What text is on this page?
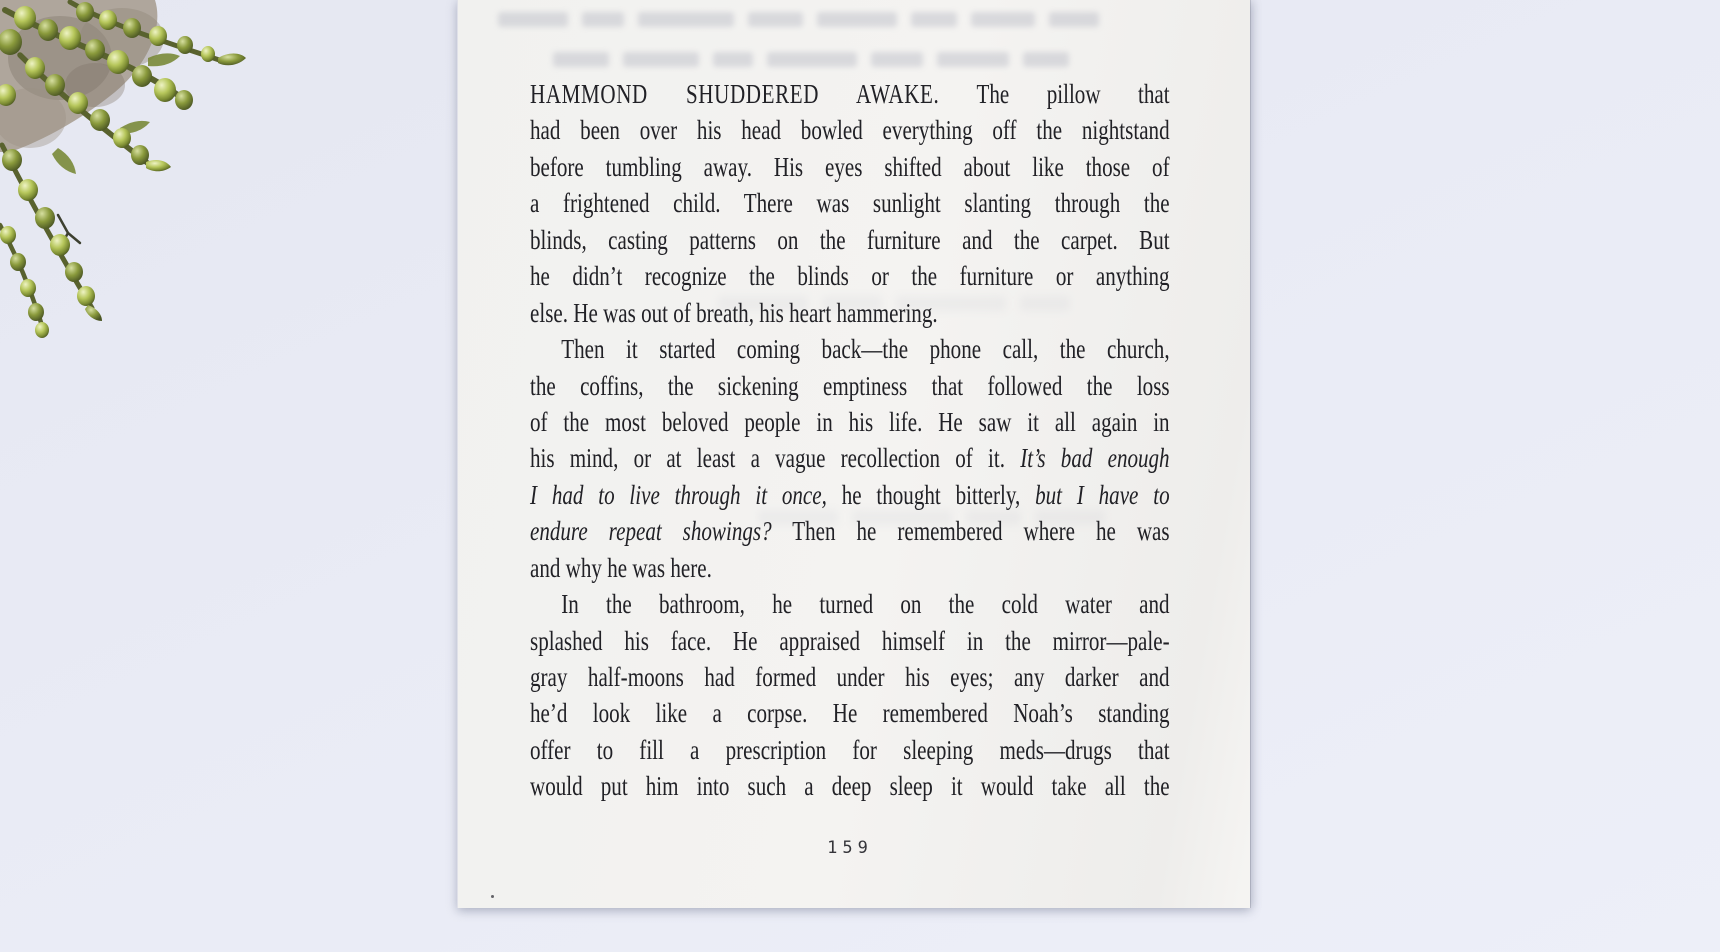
HAMMOND SHUDDERED AWAKE. The pillow that
had been over his head bowled everything off the nightstand
before tumbling away. His eyes shifted about like those of
a frightened child. There was sunlight slanting through the
blinds, casting patterns on the furniture and the carpet. But
he didn’t recognize the blinds or the furniture or anything
else. He was out of breath, his heart hammering.
Then it started coming back—the phone call, the church,
the coffins, the sickening emptiness that followed the loss
of the most beloved people in his life. He saw it all again in
his mind, or at least a vague recollection of it. It’s bad enough
I had to live through it once, he thought bitterly, but I have to
endure repeat showings? Then he remembered where he was
and why he was here.
In the bathroom, he turned on the cold water and
splashed his face. He appraised himself in the mirror—pale-
gray half-moons had formed under his eyes; any darker and
he’d look like a corpse. He remembered Noah’s standing
offer to fill a prescription for sleeping meds—drugs that
would put him into such a deep sleep it would take all the
159
